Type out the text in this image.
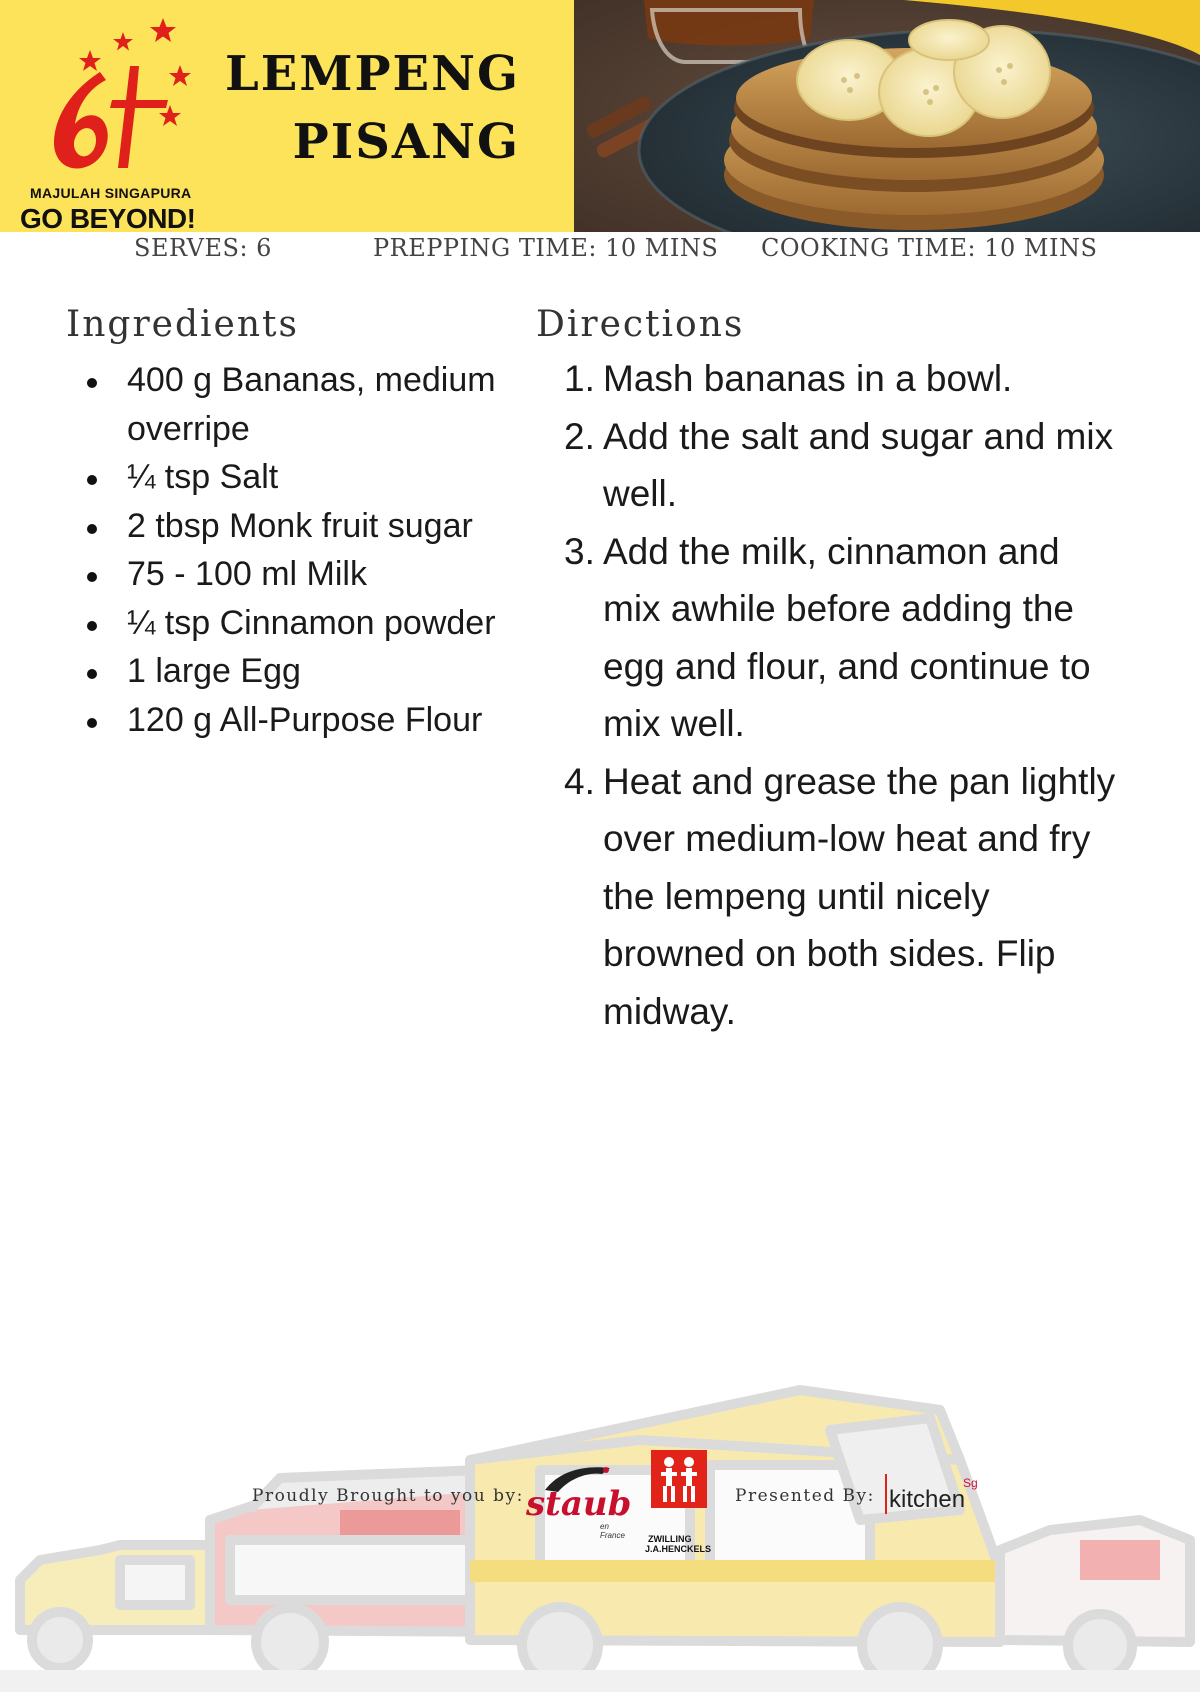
MAJULAH SINGAPURA
GO BEYOND!
LEMPENG
PISANG
SERVES: 6	PREPPING TIME: 10 MINS COOKING TIME: 10 MINS
Ingredients
400 g Bananas, medium overripe
¼ tsp Salt
2 tbsp Monk fruit sugar
75 - 100 ml Milk
¼ tsp Cinnamon powder
1 large Egg
120 g All-Purpose Flour
Directions
1. Mash bananas in a bowl.
2. Add the salt and sugar and mix well.
3. Add the milk, cinnamon and mix awhile before adding the egg and flour, and continue to mix well.
4. Heat and grease the pan lightly over medium-low heat and fry the lempeng until nicely browned on both sides. Flip midway.
Proudly Brought to you by:	Presented By:
staub
en France	ZWILLING
J.A.HENCKELS
kitchen
Sg
